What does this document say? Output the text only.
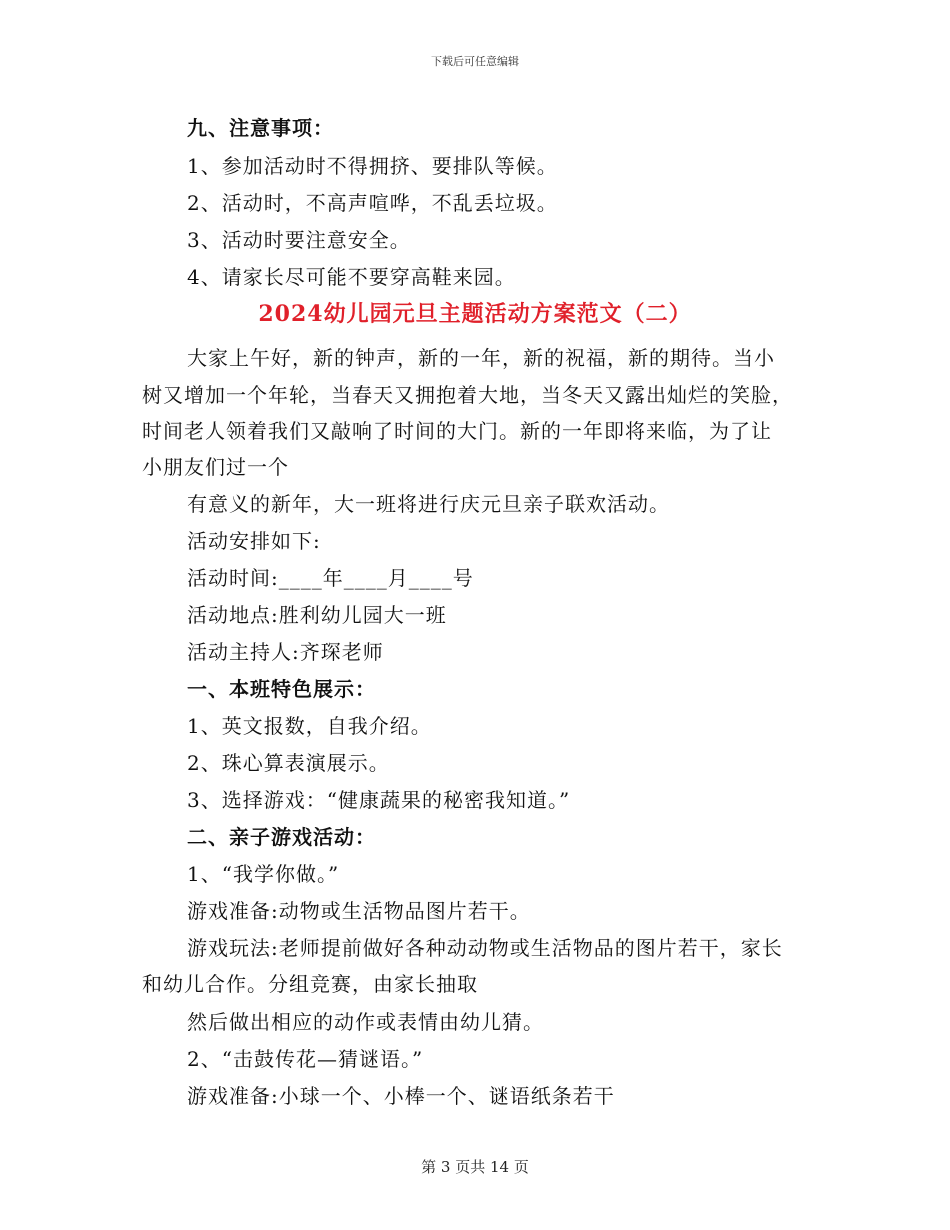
下载后可任意编辑
九、注意事项：
1、参加活动时不得拥挤、要排队等候。
2、活动时，不高声喧哗，不乱丢垃圾。
3、活动时要注意安全。
4、请家长尽可能不要穿高鞋来园。
2024幼儿园元旦主题活动方案范文（二）
大家上午好，新的钟声，新的一年，新的祝福，新的期待。当小
树又增加一个年轮，当春天又拥抱着大地，当冬天又露出灿烂的笑脸，
时间老人领着我们又敲响了时间的大门。新的一年即将来临，为了让
小朋友们过一个
有意义的新年，大一班将进行庆元旦亲子联欢活动。
活动安排如下:
活动时间:____年____月____号
活动地点:胜利幼儿园大一班
活动主持人:齐琛老师
一、本班特色展示：
1、英文报数，自我介绍。
2、珠心算表演展示。
3、选择游戏：“健康蔬果的秘密我知道。”
二、亲子游戏活动：
1、“我学你做。”
游戏准备:动物或生活物品图片若干。
游戏玩法:老师提前做好各种动动物或生活物品的图片若干，家长
和幼儿合作。分组竞赛，由家长抽取
然后做出相应的动作或表情由幼儿猜。
2、“击鼓传花—猜谜语。”
游戏准备:小球一个、小棒一个、谜语纸条若干
第 3 页共 14 页
